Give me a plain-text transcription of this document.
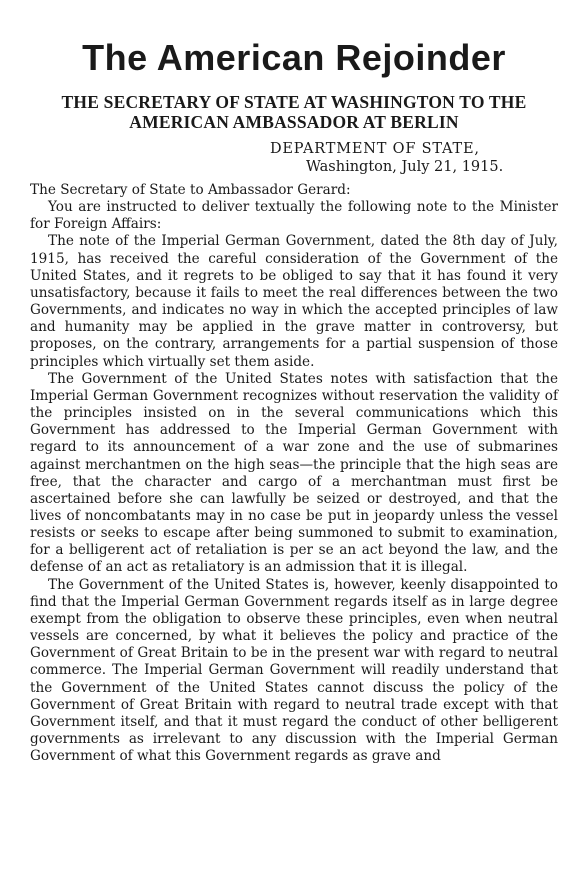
The American Rejoinder
THE SECRETARY OF STATE AT WASHINGTON TO THE
AMERICAN AMBASSADOR AT BERLIN
DEPARTMENT OF STATE,
Washington, July 21, 1915.

The Secretary of State to Ambassador Gerard:

You are instructed to deliver textually the following note to the Minister for Foreign Affairs:

The note of the Imperial German Government, dated the 8th day of July, 1915, has received the careful consideration of the Government of the United States, and it regrets to be obliged to say that it has found it very unsatisfactory, because it fails to meet the real differences between the two Governments, and indicates no way in which the accepted principles of law and humanity may be applied in the grave matter in controversy, but proposes, on the contrary, arrangements for a partial suspension of those principles which virtually set them aside.

The Government of the United States notes with satisfaction that the Imperial German Government recognizes without reservation the validity of the principles insisted on in the several communications which this Government has addressed to the Imperial German Government with regard to its announcement of a war zone and the use of submarines against merchantmen on the high seas—the principle that the high seas are free, that the character and cargo of a merchantman must first be ascertained before she can lawfully be seized or destroyed, and that the lives of noncombatants may in no case be put in jeopardy unless the vessel resists or seeks to escape after being summoned to submit to examination, for a belligerent act of retaliation is per se an act beyond the law, and the defense of an act as retaliatory is an admission that it is illegal.

The Government of the United States is, however, keenly disappointed to find that the Imperial German Government regards itself as in large degree exempt from the obligation to observe these principles, even when neutral vessels are concerned, by what it believes the policy and practice of the Government of Great Britain to be in the present war with regard to neutral commerce. The Imperial German Government will readily understand that the Government of the United States cannot discuss the policy of the Government of Great Britain with regard to neutral trade except with that Government itself, and that it must regard the conduct of other belligerent governments as irrelevant to any discussion with the Imperial German Government of what this Government regards as grave and
